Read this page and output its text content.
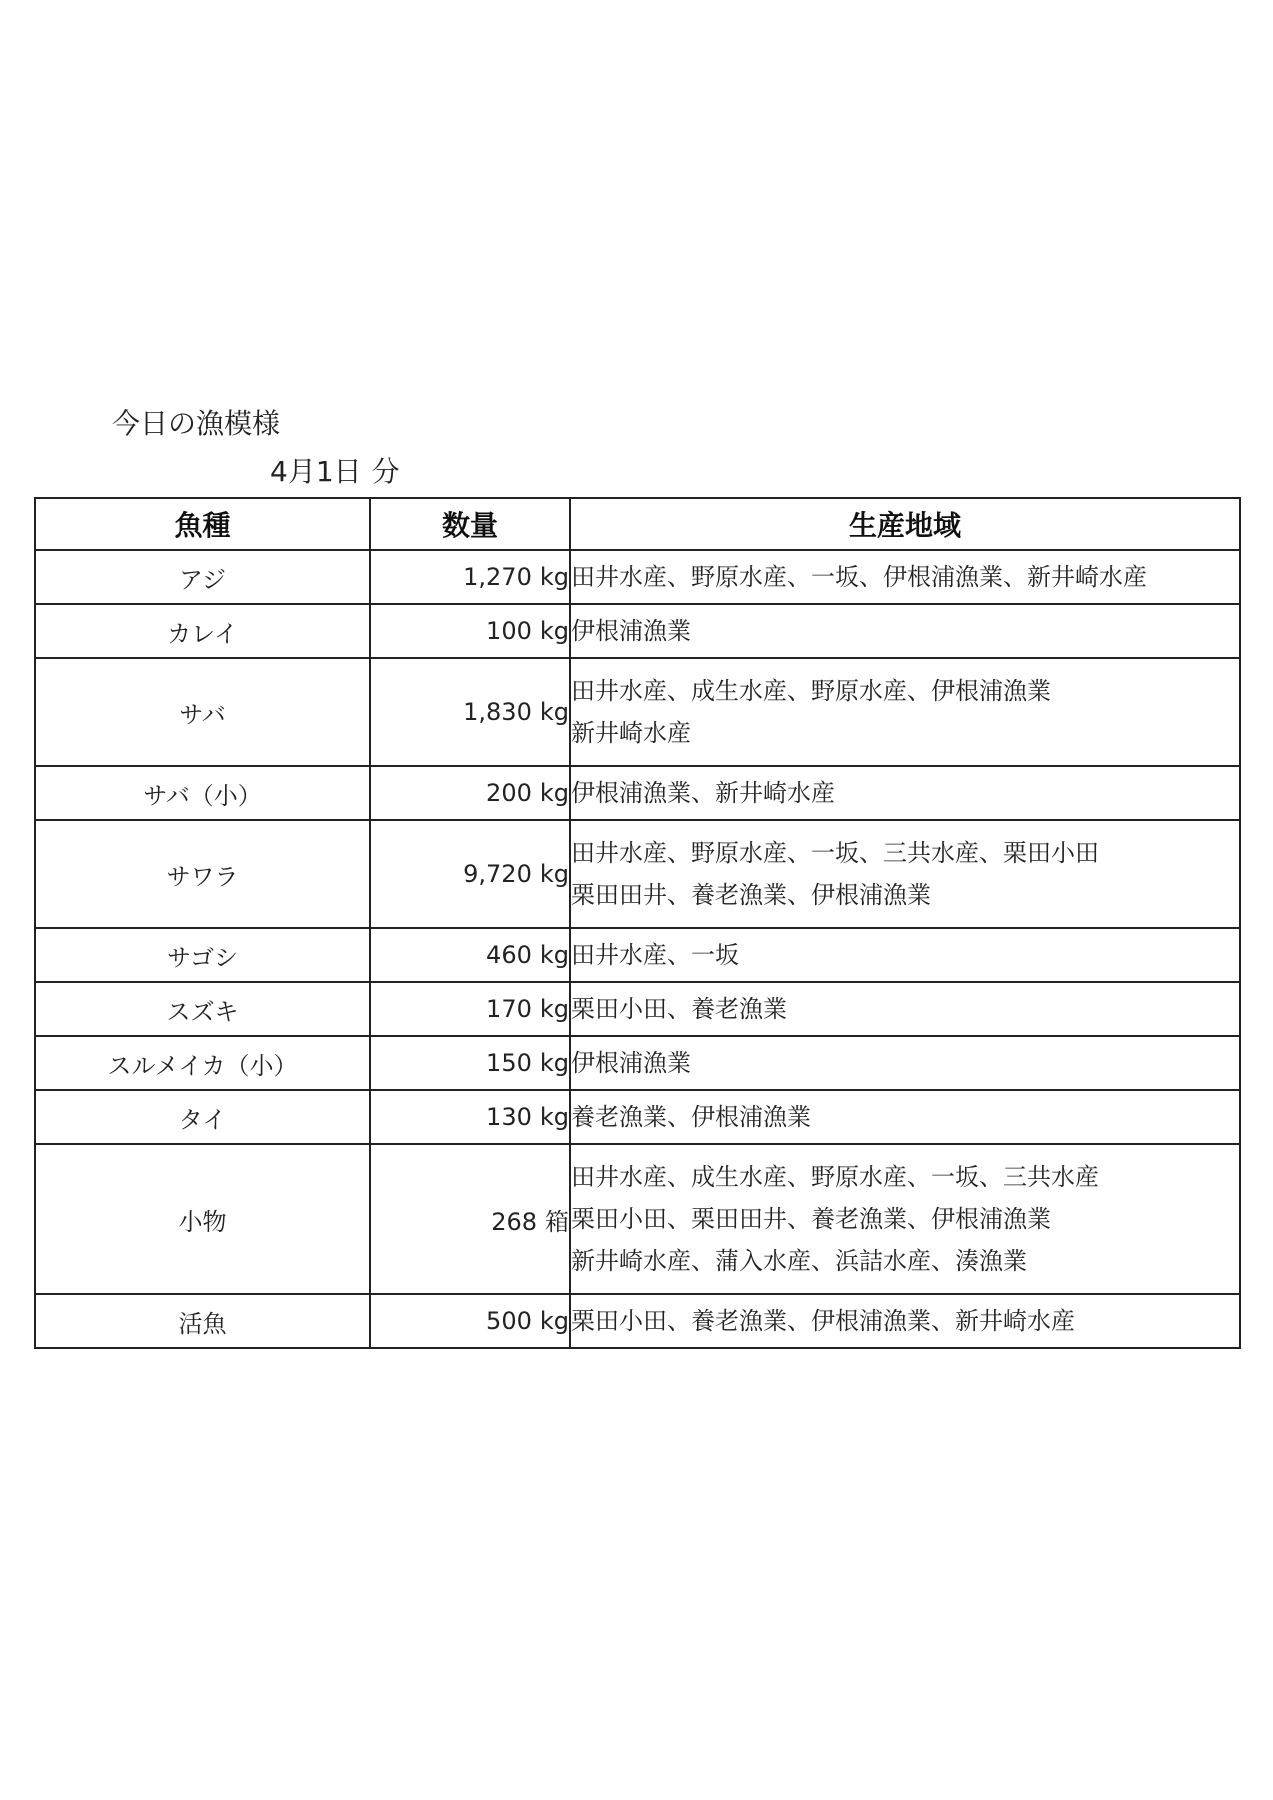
今日の漁模様
4月1日 分
魚種	数量	生産地域
アジ	1,270 kg	田井水産、野原水産、一坂、伊根浦漁業、新井崎水産

カレイ	100 kg	伊根浦漁業

サバ	1,830 kg	田井水産、成生水産、野原水産、伊根浦漁業
新井崎水産

サバ（小）	200 kg	伊根浦漁業、新井崎水産

サワラ	9,720 kg	田井水産、野原水産、一坂、三共水産、栗田小田
栗田田井、養老漁業、伊根浦漁業

サゴシ	460 kg	田井水産、一坂

スズキ	170 kg	栗田小田、養老漁業

スルメイカ（小）	150 kg	伊根浦漁業

タイ	130 kg	養老漁業、伊根浦漁業

小物	268 箱	田井水産、成生水産、野原水産、一坂、三共水産
栗田小田、栗田田井、養老漁業、伊根浦漁業
新井崎水産、蒲入水産、浜詰水産、湊漁業

活魚	500 kg	栗田小田、養老漁業、伊根浦漁業、新井崎水産
